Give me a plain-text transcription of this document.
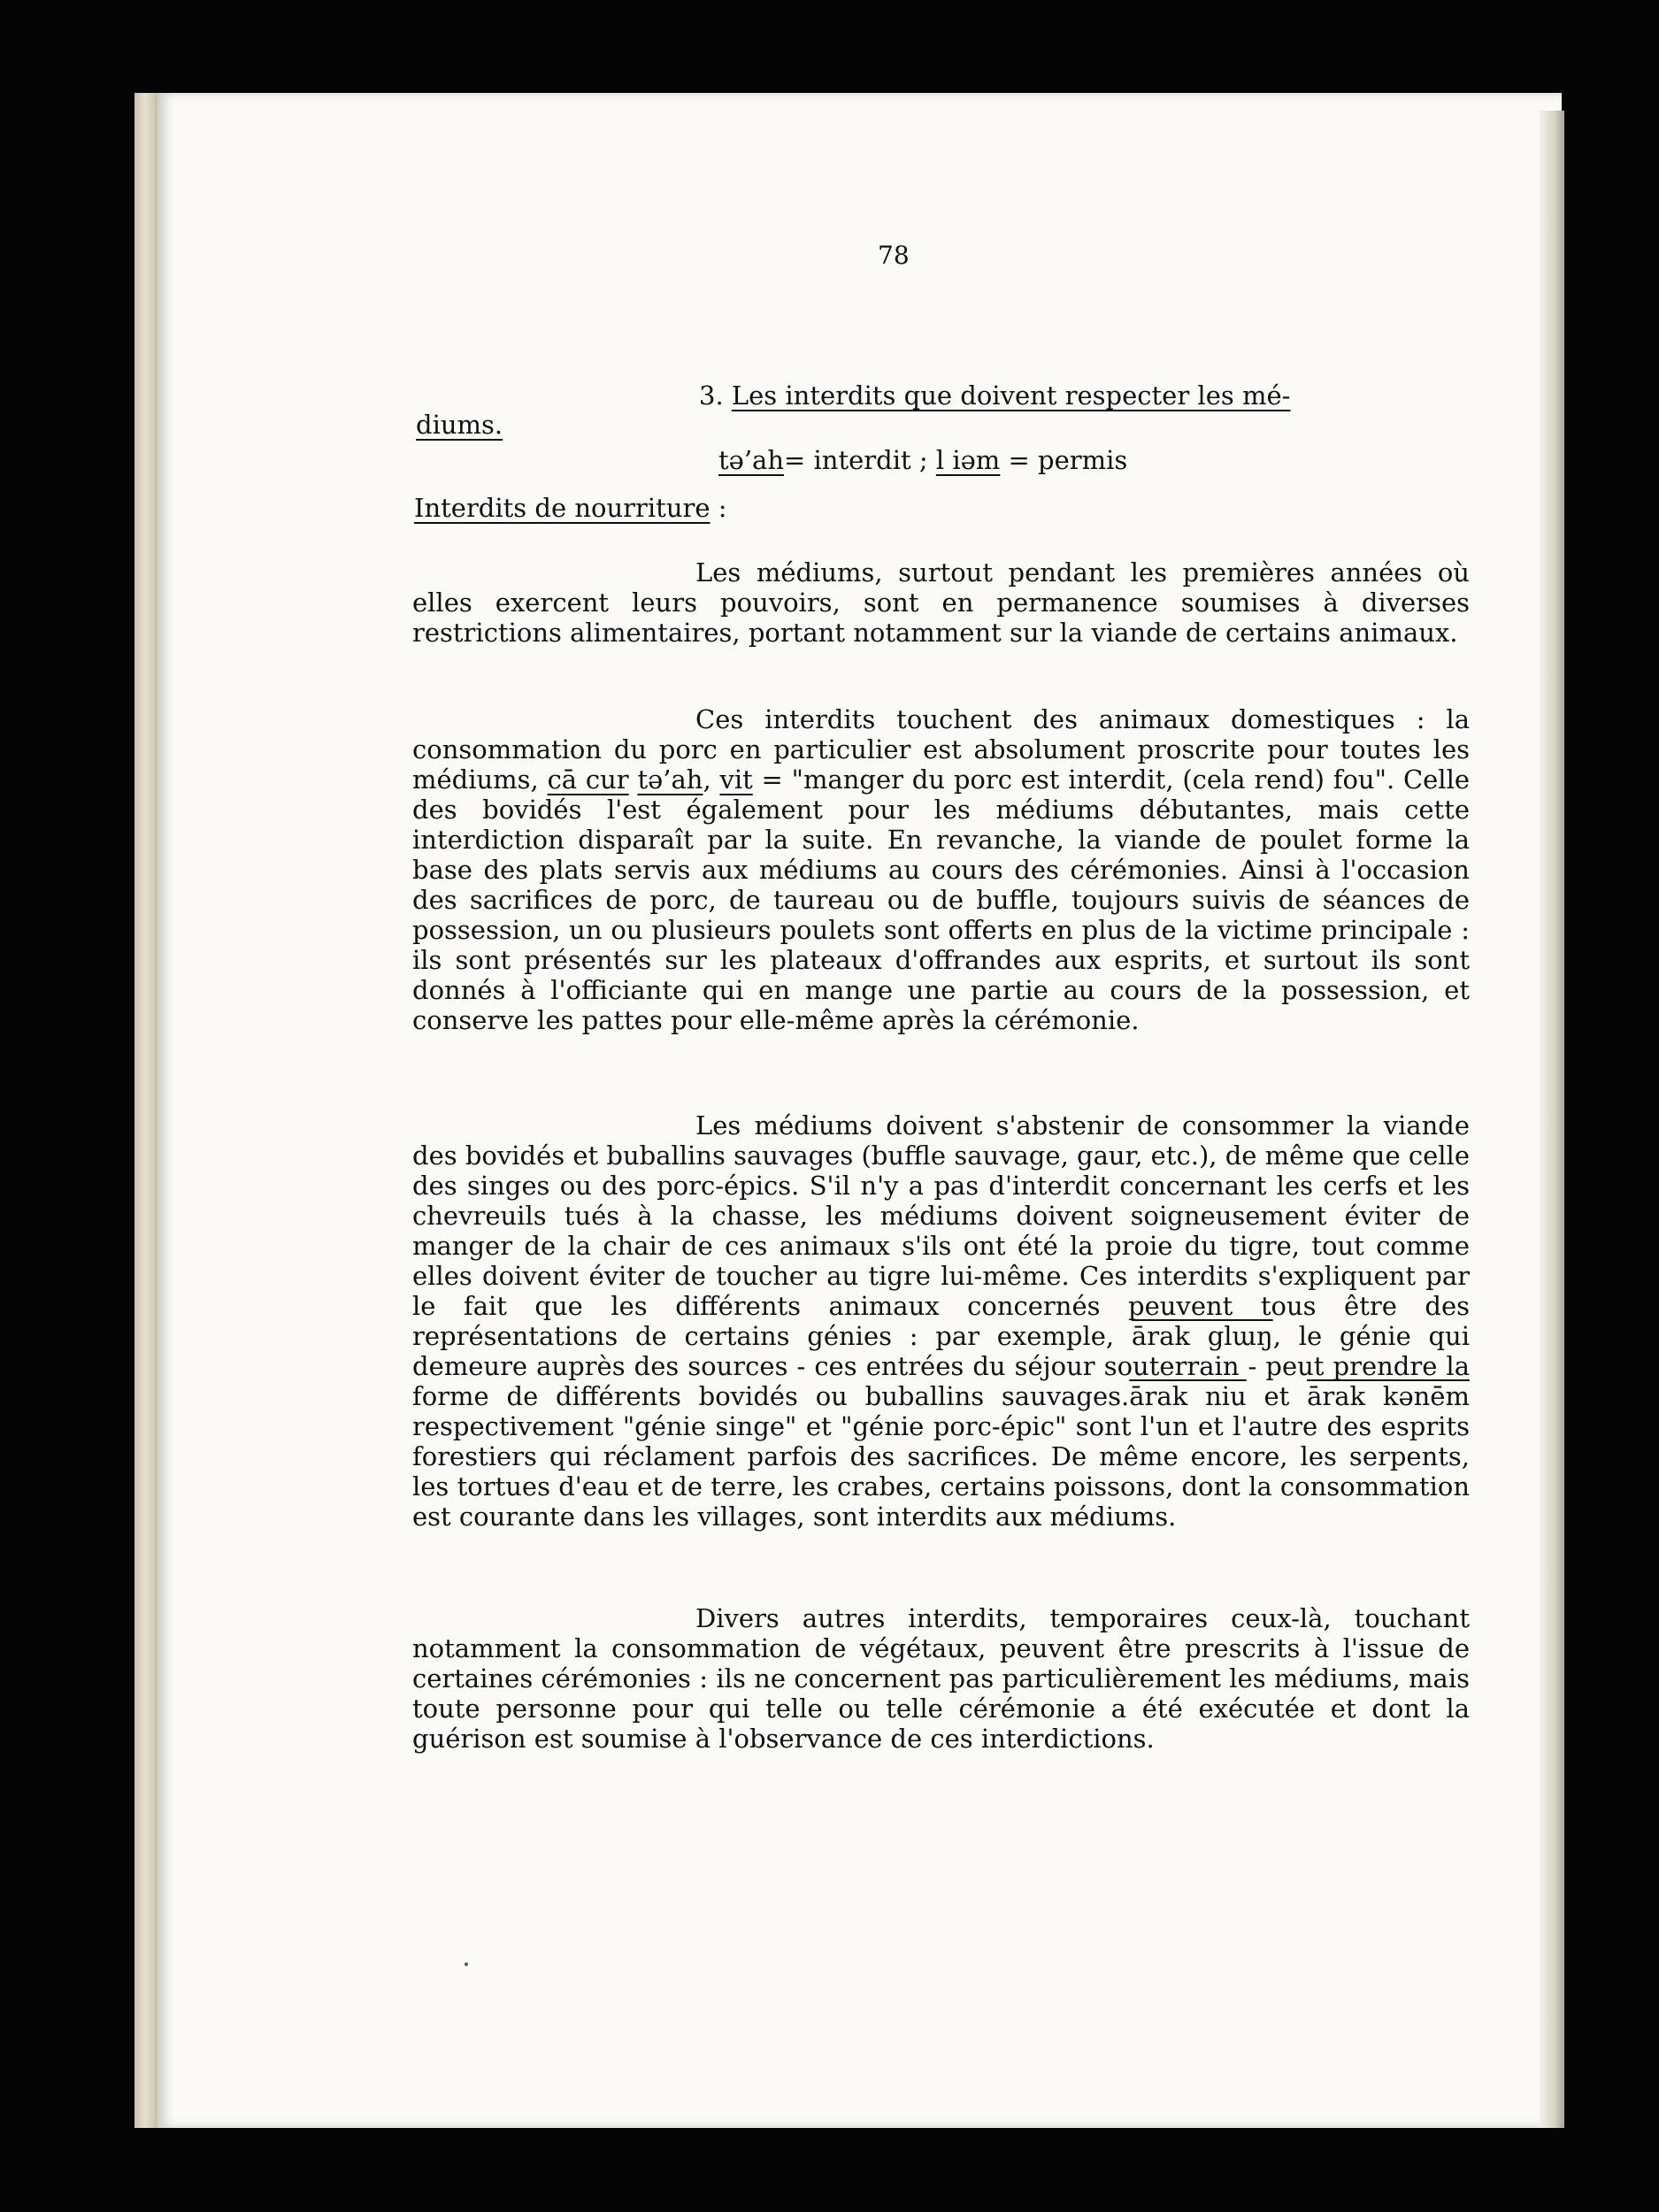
78
3. Les interdits que doivent respecter les mé-
diums.
tə’ah= interdit ; l iəm = permis
Interdits de nourriture :

Les médiums, surtout pendant les premières années où elles exercent leurs pouvoirs, sont en permanence soumises à diverses restrictions alimentaires, portant notamment sur la viande de certains animaux.

Ces interdits touchent des animaux domestiques : la consommation du porc en particulier est absolument proscrite pour toutes les médiums, cā cur tə’ah, vit = "manger du porc est interdit, (cela rend) fou". Celle des bovidés l'est également pour les médiums débutantes, mais cette interdiction disparaît par la suite. En revanche, la viande de poulet forme la base des plats servis aux médiums au cours des cérémonies. Ainsi à l'occasion des sacrifices de porc, de taureau ou de buffle, toujours suivis de séances de possession, un ou plusieurs poulets sont offerts en plus de la victime principale : ils sont présentés sur les plateaux d'offrandes aux esprits, et surtout ils sont donnés à l'officiante qui en mange une partie au cours de la possession, et conserve les pattes pour elle-même après la cérémonie.

Les médiums doivent s'abstenir de consommer la viande des bovidés et buballins sauvages (buffle sauvage, gaur, etc.), de même que celle des singes ou des porc-épics. S'il n'y a pas d'interdit concernant les cerfs et les chevreuils tués à la chasse, les médiums doivent soigneusement éviter de manger de la chair de ces animaux s'ils ont été la proie du tigre, tout comme elles doivent éviter de toucher au tigre lui-même. Ces interdits s'expliquent par le fait que les différents animaux concernés peuvent tous être des représentations de certains génies : par exemple, ārak glɯŋ, le génie qui demeure auprès des sources - ces entrées du séjour souterrain - peut prendre la forme de différents bovidés ou buballins sauvages.ārak niu et ārak kənēm respectivement "génie singe" et "génie porc-épic" sont l'un et l'autre des esprits forestiers qui réclament parfois des sacrifices. De même encore, les serpents, les tortues d'eau et de terre, les crabes, certains poissons, dont la consommation est courante dans les villages, sont interdits aux médiums.

Divers autres interdits, temporaires ceux-là, touchant notamment la consommation de végétaux, peuvent être prescrits à l'issue de certaines cérémonies : ils ne concernent pas particulièrement les médiums, mais toute personne pour qui telle ou telle cérémonie a été exécutée et dont la guérison est soumise à l'observance de ces interdictions.
